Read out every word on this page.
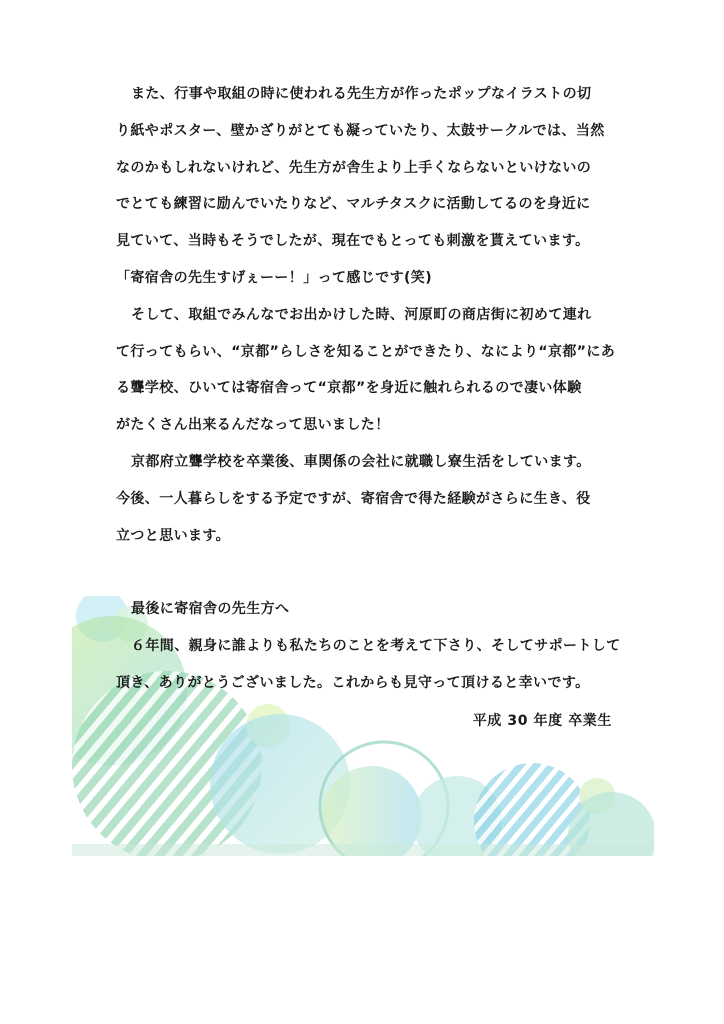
また、行事や取組の時に使われる先生方が作ったポップなイラストの切
り紙やポスター、壁かざりがとても凝っていたり、太鼓サークルでは、当然
なのかもしれないけれど、先生方が舎生より上手くならないといけないの
でとても練習に励んでいたりなど、マルチタスクに活動してるのを身近に
見ていて、当時もそうでしたが、現在でもとっても刺激を貰えています。
「寄宿舎の先生すげぇーー！」って感じです(笑)
そして、取組でみんなでお出かけした時、河原町の商店街に初めて連れ
て行ってもらい、“京都”らしさを知ることができたり、なにより“京都”にあ
る聾学校、ひいては寄宿舎って“京都”を身近に触れられるので凄い体験
がたくさん出来るんだなって思いました！
京都府立聾学校を卒業後、車関係の会社に就職し寮生活をしています。
今後、一人暮らしをする予定ですが、寄宿舎で得た経験がさらに生き、役
立つと思います。
最後に寄宿舎の先生方へ
６年間、親身に誰よりも私たちのことを考えて下さり、そしてサポートして
頂き、ありがとうございました。これからも見守って頂けると幸いです。
平成 30 年度 卒業生
